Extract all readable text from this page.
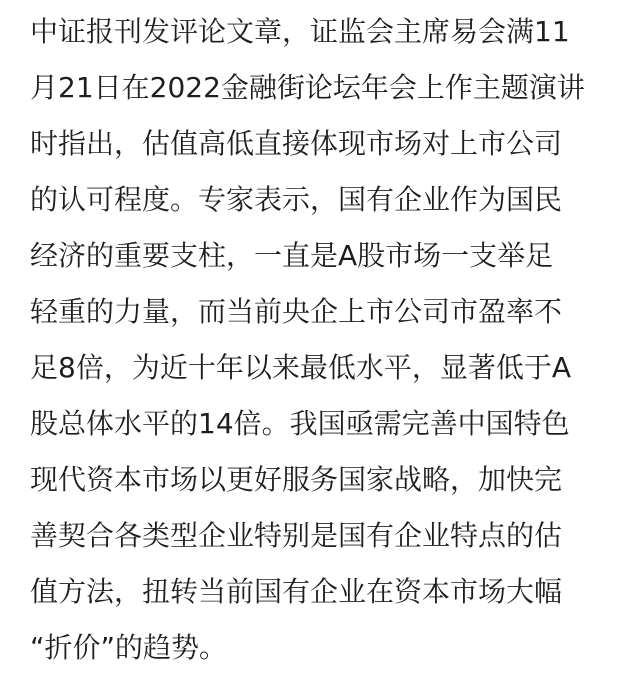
中证报刊发评论文章，证监会主席易会满11
月21日在2022金融街论坛年会上作主题演讲
时指出，估值高低直接体现市场对上市公司
的认可程度。专家表示，国有企业作为国民
经济的重要支柱，一直是A股市场一支举足
轻重的力量，而当前央企上市公司市盈率不
足8倍，为近十年以来最低水平，显著低于A
股总体水平的14倍。我国亟需完善中国特色
现代资本市场以更好服务国家战略，加快完
善契合各类型企业特别是国有企业特点的估
值方法，扭转当前国有企业在资本市场大幅
“折价”的趋势。
